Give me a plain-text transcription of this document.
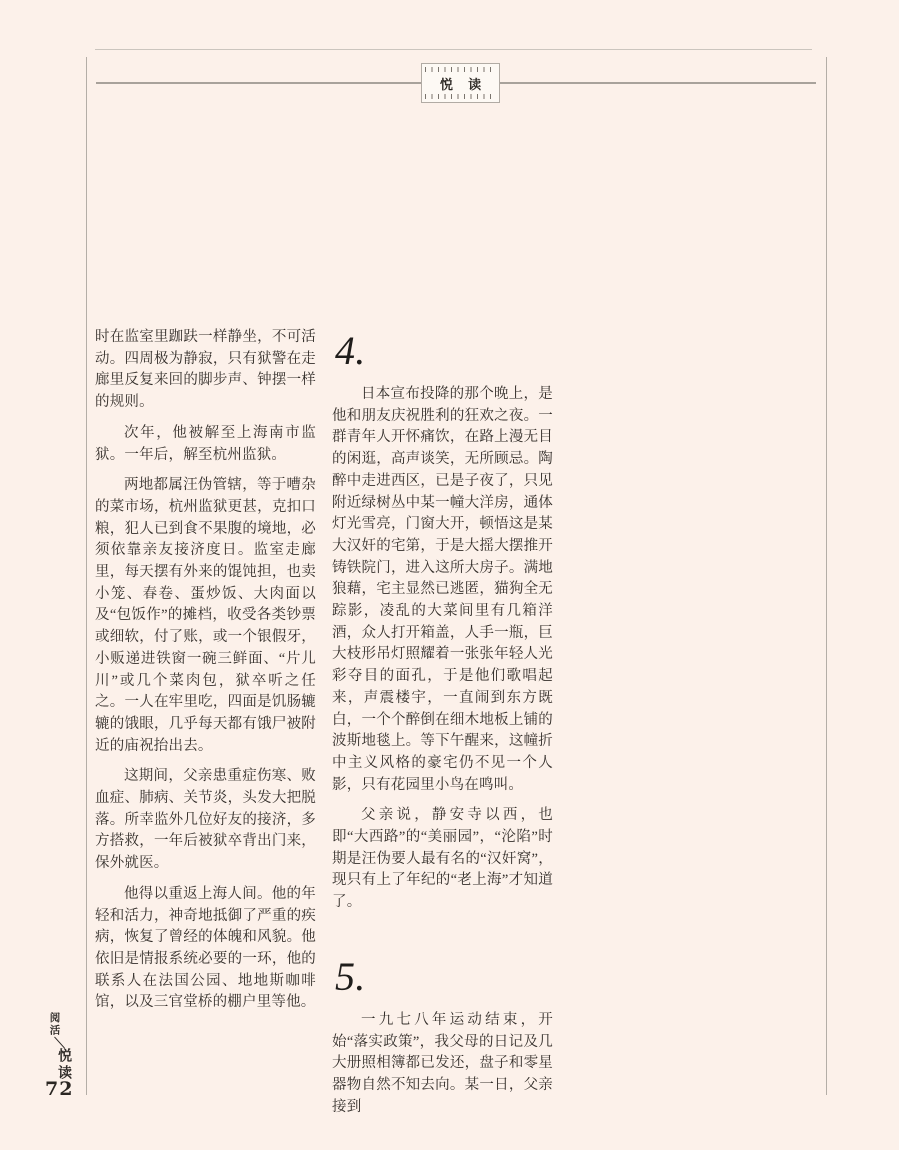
悦 读

时在监室里跏趺一样静坐，不可活动。四周极为静寂，只有狱警在走廊里反复来回的脚步声、钟摆一样的规则。

次年，他被解至上海南市监狱。一年后，解至杭州监狱。

两地都属汪伪管辖，等于嘈杂的菜市场，杭州监狱更甚，克扣口粮，犯人已到食不果腹的境地，必须依靠亲友接济度日。监室走廊里，每天摆有外来的馄饨担，也卖小笼、春卷、蛋炒饭、大肉面以及“包饭作”的摊档，收受各类钞票或细软，付了账，或一个银假牙，小贩递进铁窗一碗三鲜面、“片儿川”或几个菜肉包，狱卒听之任之。一人在牢里吃，四面是饥肠辘辘的饿眼，几乎每天都有饿尸被附近的庙祝抬出去。

这期间，父亲患重症伤寒、败血症、肺病、关节炎，头发大把脱落。所幸监外几位好友的接济，多方搭救，一年后被狱卒背出门来，保外就医。

他得以重返上海人间。他的年轻和活力，神奇地抵御了严重的疾病，恢复了曾经的体魄和风貌。他依旧是情报系统必要的一环，他的联系人在法国公园、地地斯咖啡馆，以及三官堂桥的棚户里等他。

4.

日本宣布投降的那个晚上，是他和朋友庆祝胜利的狂欢之夜。一群青年人开怀痛饮，在路上漫无目的闲逛，高声谈笑，无所顾忌。陶醉中走进西区，已是子夜了，只见附近绿树丛中某一幢大洋房，通体灯光雪亮，门窗大开，顿悟这是某大汉奸的宅第，于是大摇大摆推开铸铁院门，进入这所大房子。满地狼藉，宅主显然已逃匿，猫狗全无踪影，凌乱的大菜间里有几箱洋酒，众人打开箱盖，人手一瓶，巨大枝形吊灯照耀着一张张年轻人光彩夺目的面孔，于是他们歌唱起来，声震楼宇，一直闹到东方既白，一个个醉倒在细木地板上铺的波斯地毯上。等下午醒来，这幢折中主义风格的豪宅仍不见一个人影，只有花园里小鸟在鸣叫。

父亲说，静安寺以西，也即“大西路”的“美丽园”，“沦陷”时期是汪伪要人最有名的“汉奸窝”，现只有上了年纪的“老上海”才知道了。

5.

一九七八年运动结束，开始“落实政策”，我父母的日记及几大册照相簿都已发还，盘子和零星器物自然不知去向。某一日，父亲接到

阅活
悦读
72
